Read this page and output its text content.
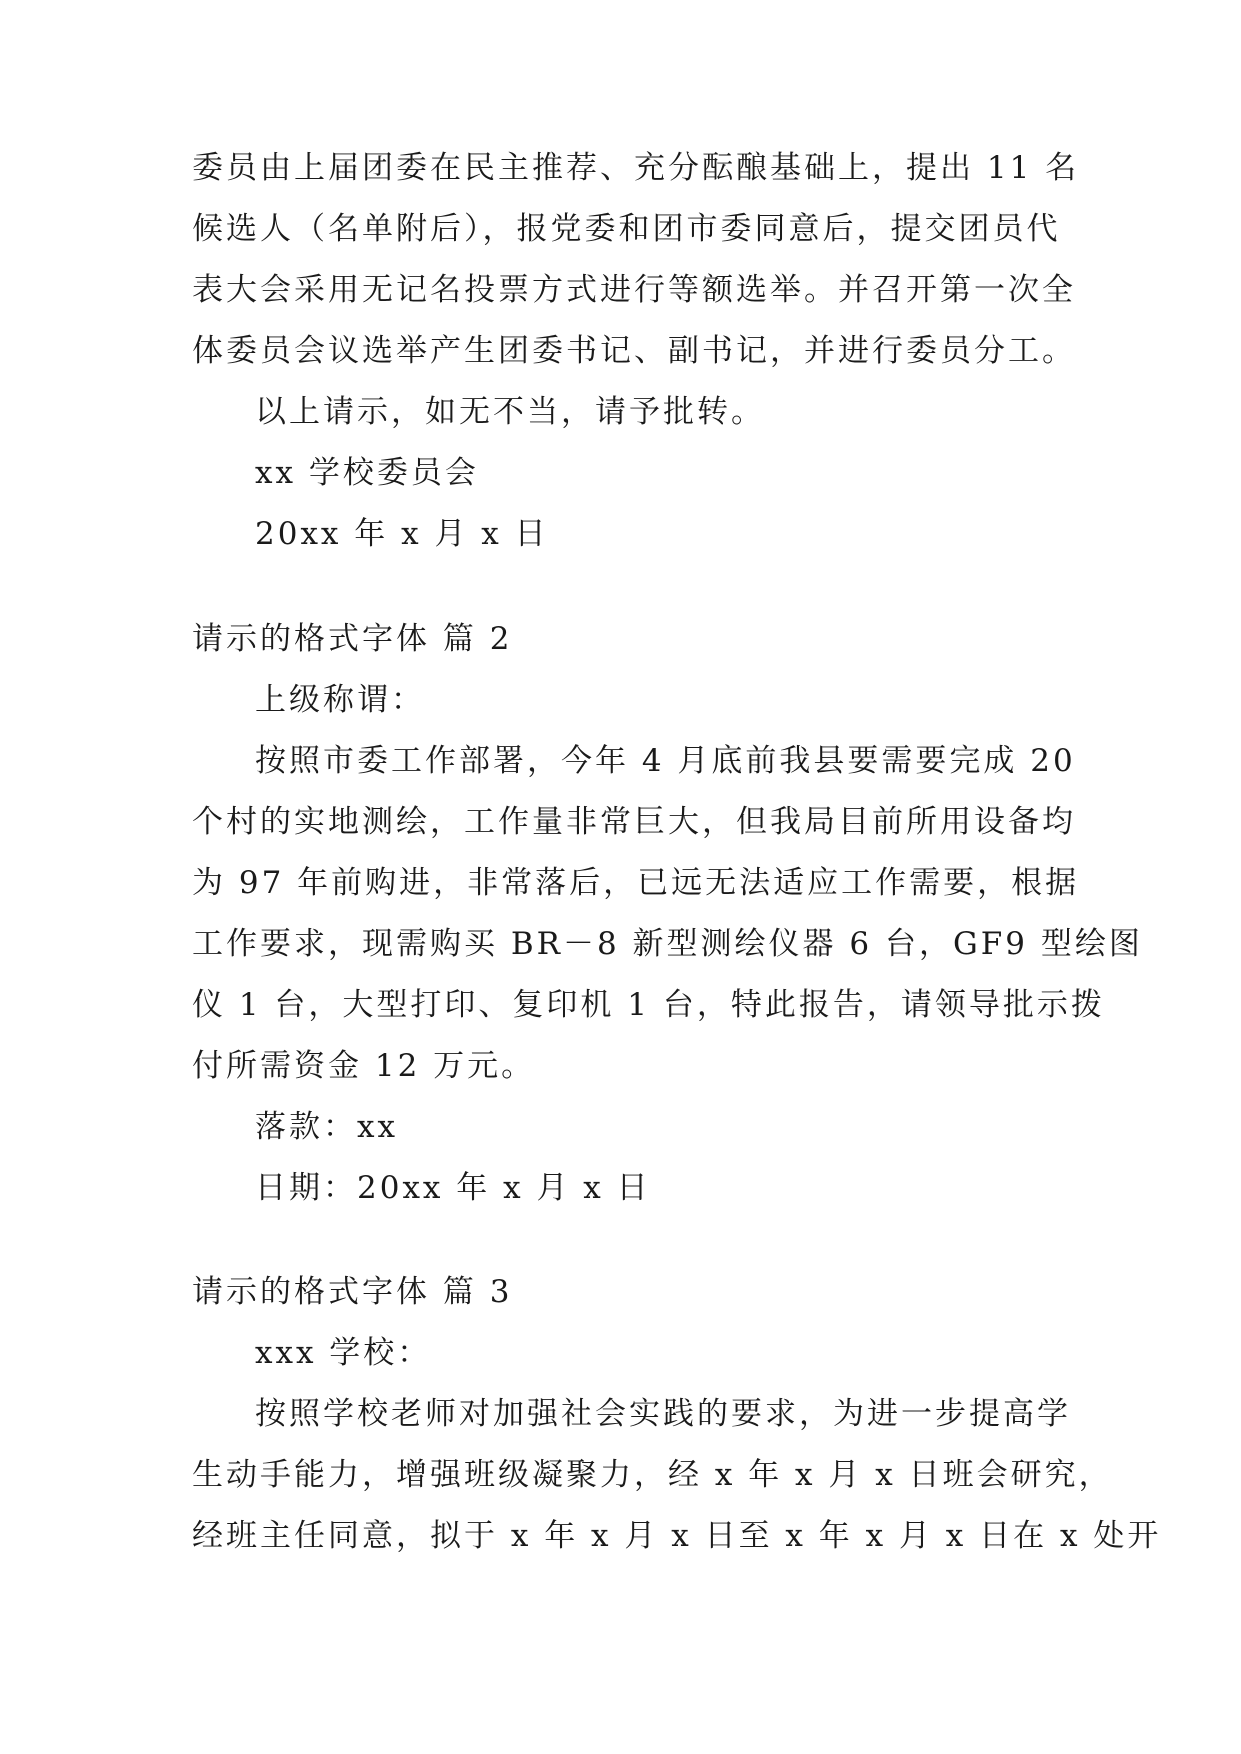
委员由上届团委在民主推荐、充分酝酿基础上，提出 11 名
候选人（名单附后），报党委和团市委同意后，提交团员代
表大会采用无记名投票方式进行等额选举。并召开第一次全
体委员会议选举产生团委书记、副书记，并进行委员分工。
以上请示，如无不当，请予批转。
xx 学校委员会
20xx 年 x 月 x 日
请示的格式字体 篇 2
上级称谓：
按照市委工作部署，今年 4 月底前我县要需要完成 20
个村的实地测绘，工作量非常巨大，但我局目前所用设备均
为 97 年前购进，非常落后，已远无法适应工作需要，根据
工作要求，现需购买 BR－8 新型测绘仪器 6 台，GF9 型绘图
仪 1 台，大型打印、复印机 1 台，特此报告，请领导批示拨
付所需资金 12 万元。
落款：xx
日期：20xx 年 x 月 x 日
请示的格式字体 篇 3
xxx 学校：
按照学校老师对加强社会实践的要求，为进一步提高学
生动手能力，增强班级凝聚力，经 x 年 x 月 x 日班会研究，
经班主任同意，拟于 x 年 x 月 x 日至 x 年 x 月 x 日在 x 处开
